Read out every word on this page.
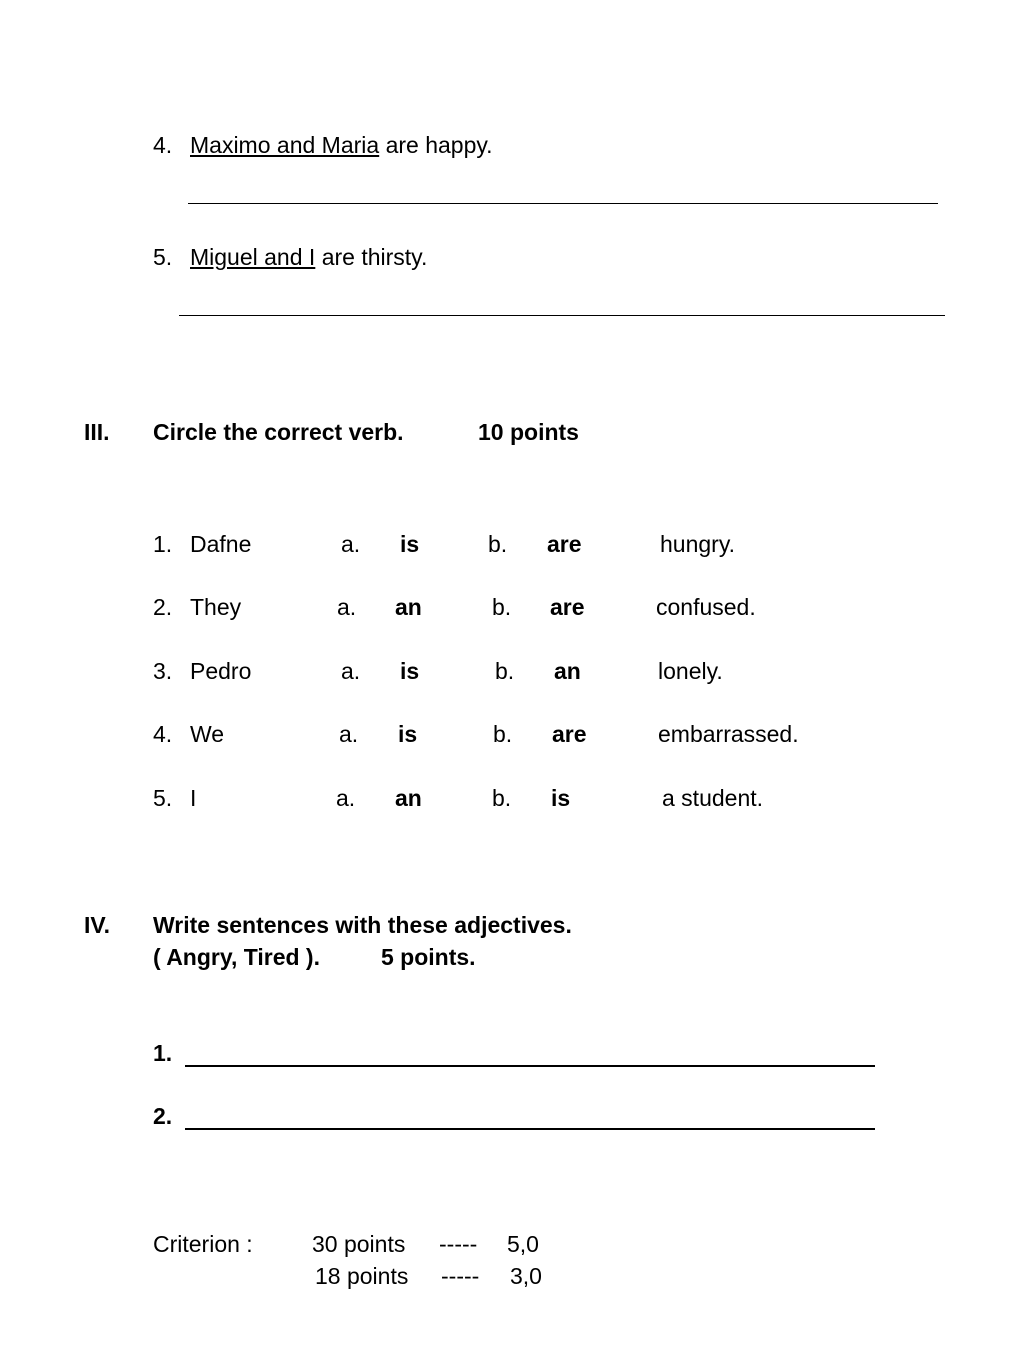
4. Maximo and Maria are happy.
5. Miguel and I are thirsty.
III. Circle the correct verb.	10 points
1. Dafne	a. is	b. are	hungry.
2. They	a. an	b. are	confused.
3. Pedro	a. is	b. an	lonely.
4. We	a. is	b. are	embarrassed.
5. I	a. an	b. is	a student.
IV. Write sentences with these adjectives.
( Angry, Tired ).	5 points.
1.
2.
Criterion :	30 points ----- 5,0
18 points ----- 3,0
